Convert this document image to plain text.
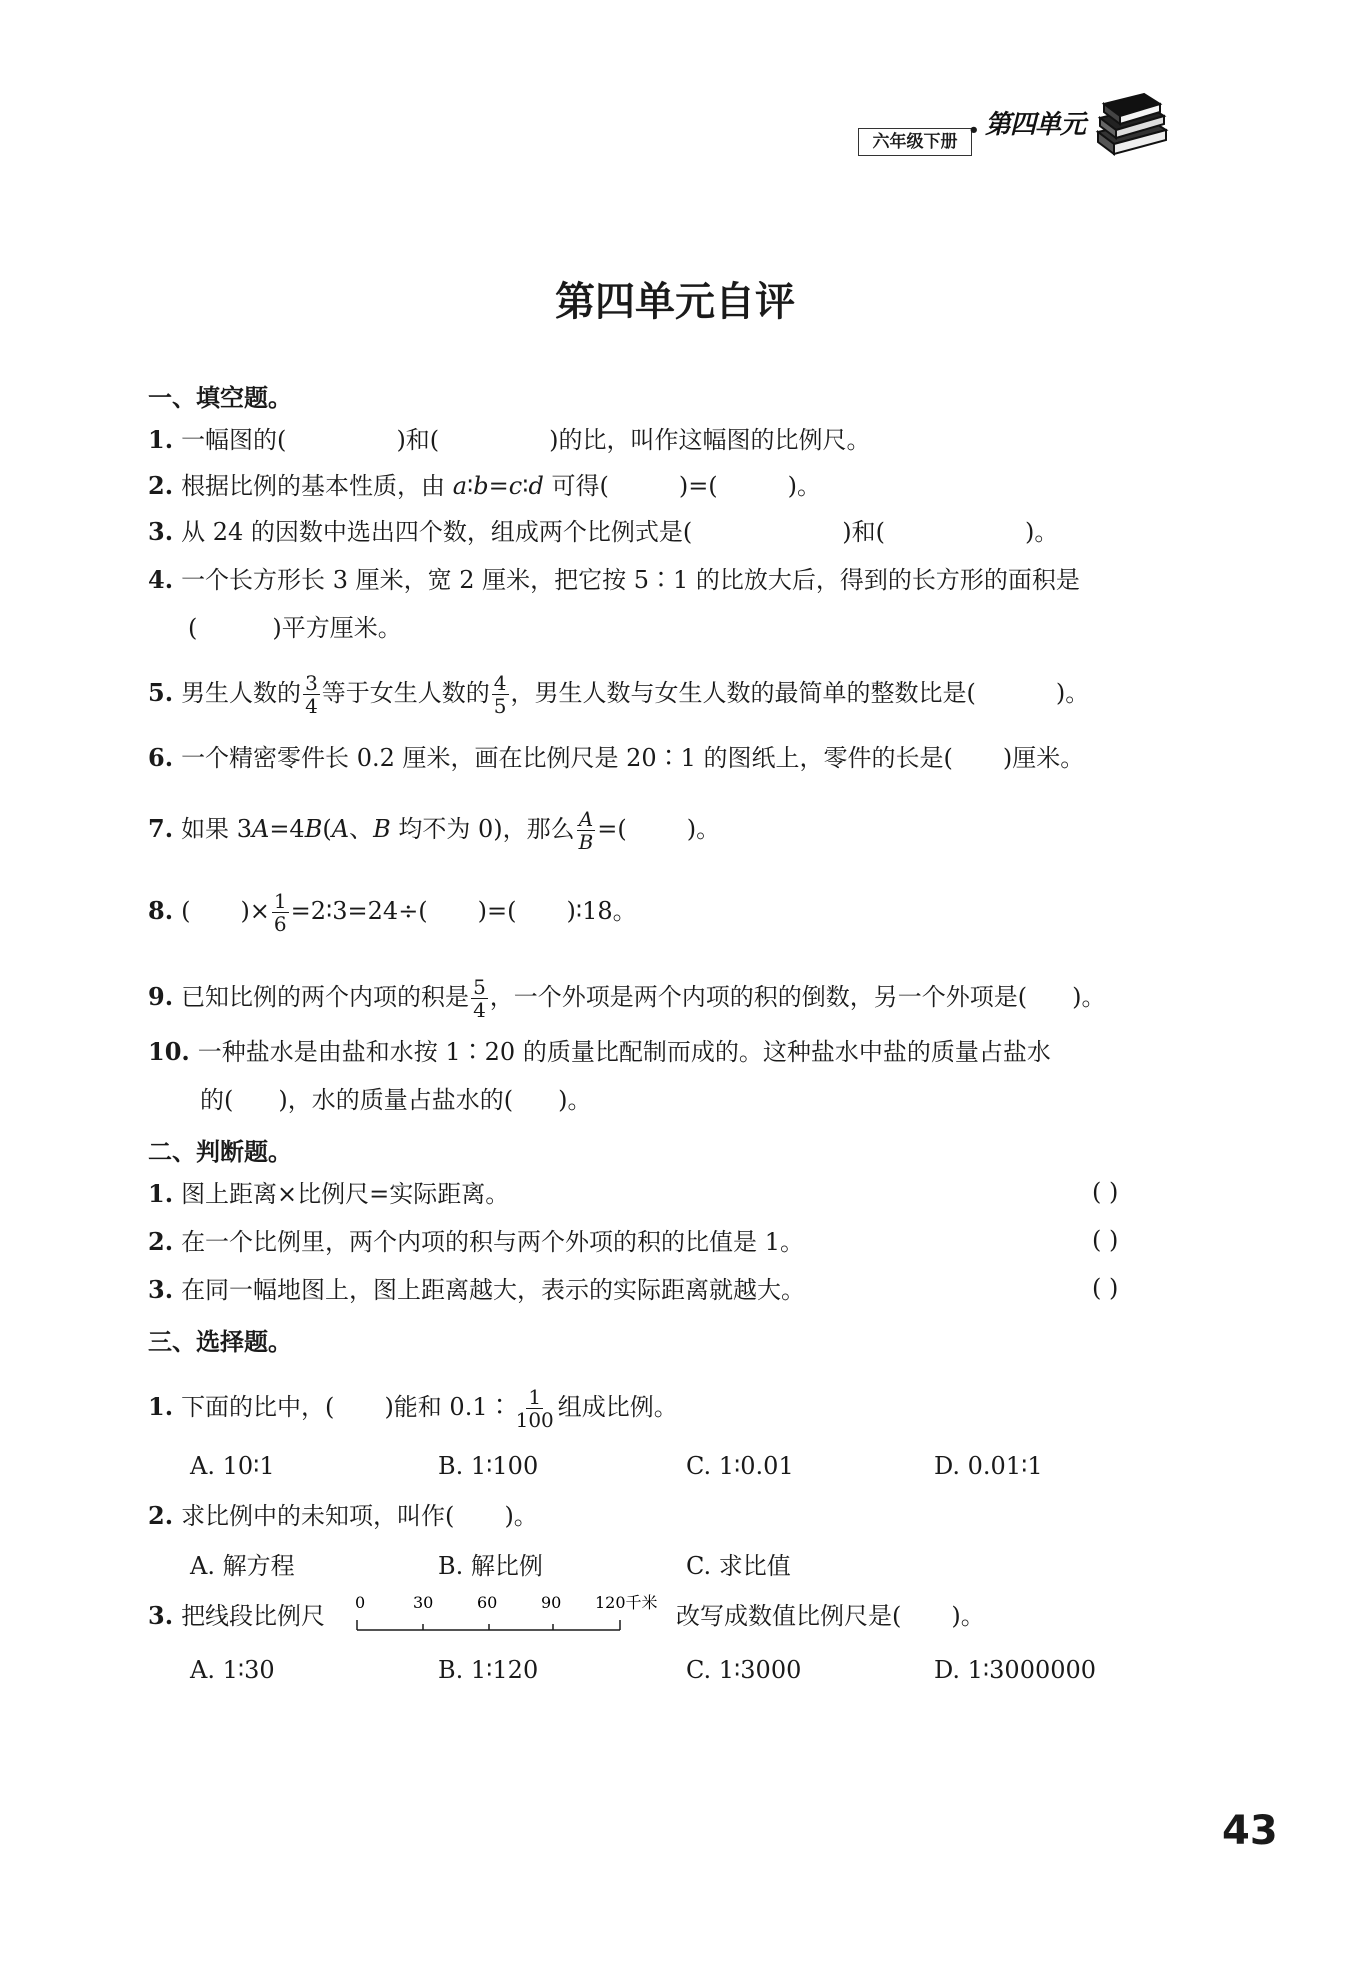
六年级下册
• 第四单元
第四单元自评
一、填空题。
1. 一幅图的(	)和(	)的比，叫作这幅图的比例尺。
2. 根据比例的基本性质，由 a∶b=c∶d 可得(	)=(	)。
3. 从 24 的因数中选出四个数，组成两个比例式是(	)和(	)。
4. 一个长方形长 3 厘米，宽 2 厘米，把它按 5∶1 的比放大后，得到的长方形的面积是
(	)平方厘米。
5. 男生人数的 $\frac{3}{4}$ 等于女生人数的 $\frac{4}{5}$ ，男生人数与女生人数的最简单的整数比是(	)。
6. 一个精密零件长 0.2 厘米，画在比例尺是 20∶1 的图纸上，零件的长是( )厘米。
7. 如果 3A=4B(A、B 均不为 0)，那么 $\frac{A}{B}$ =(	)。
8. ( )× $\frac{1}{6}$ =2∶3=24÷( )=( )∶18。
9. 已知比例的两个内项的积是 $\frac{5}{4}$ ，一个外项是两个内项的积的倒数，另一个外项是( )。
10. 一种盐水是由盐和水按 1∶20 的质量比配制而成的。这种盐水中盐的质量占盐水
的( )，水的质量占盐水的( )。
二、判断题。
1. 图上距离×比例尺=实际距离。	( )
2. 在一个比例里，两个内项的积与两个外项的积的比值是 1。	( )
3. 在同一幅地图上，图上距离越大，表示的实际距离就越大。	( )
三、选择题。
1. 下面的比中，( )能和 0.1∶ $\frac{1}{100}$ 组成比例。
A. 10∶1	B. 1∶100	C. 1∶0.01	D. 0.01∶1
2. 求比例中的未知项，叫作( )。
A. 解方程	B. 解比例	C. 求比值
3. 把线段比例尺 0	30	60	90 120千米 改写成数值比例尺是( )。
A. 1∶30	B. 1∶120	C. 1∶3000	D. 1∶3000000
43
